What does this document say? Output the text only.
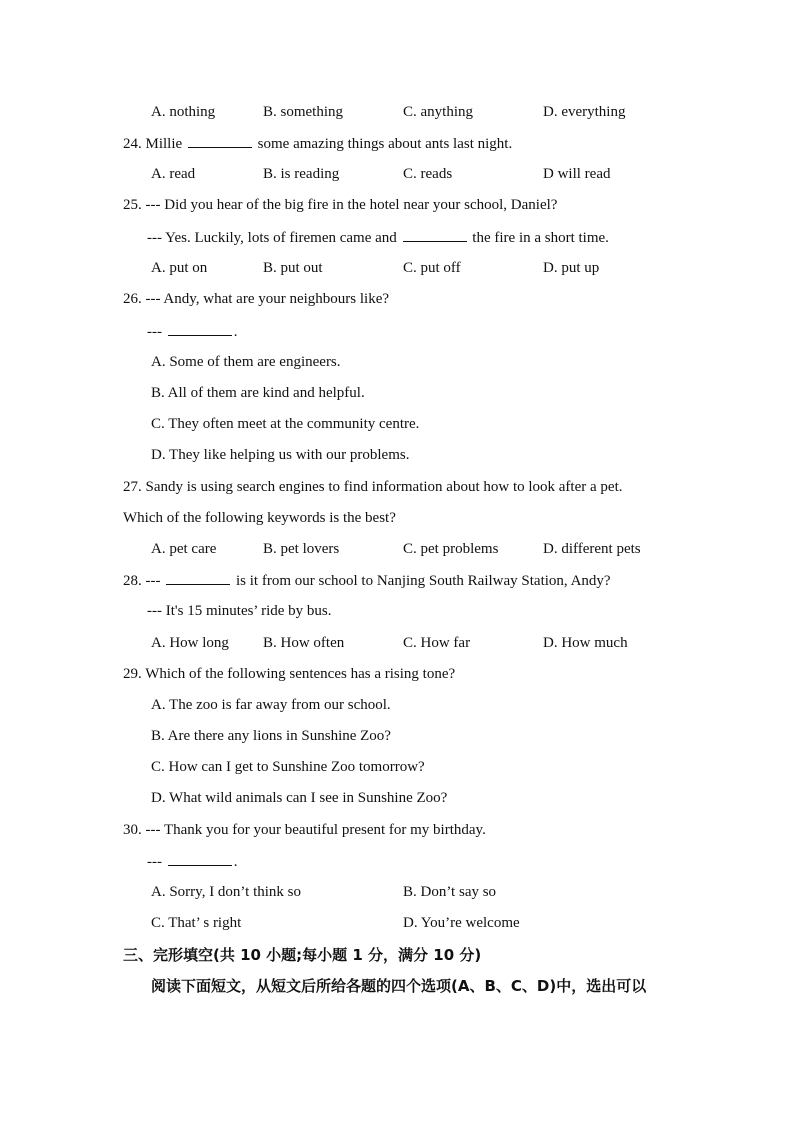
A. nothing	B. something	C. anything	D. everything
24. Millie	some amazing things about ants last night.
A. read	B. is reading	C. reads	D will read
25. --- Did you hear of the big fire in the hotel near your school, Daniel?
--- Yes. Luckily, lots of firemen came and	the fire in a short time.
A. put on	B. put out	C. put off	D. put up
26. --- Andy, what are your neighbours like?
---	.
A. Some of them are engineers.
B. All of them are kind and helpful.
C. They often meet at the community centre.
D. They like helping us with our problems.
27. Sandy is using search engines to find information about how to look after a pet.
Which of the following keywords is the best?
A. pet care	B. pet lovers	C. pet problems	D. different pets
28. ---	is it from our school to Nanjing South Railway Station, Andy?
--- It's 15 minutes’ ride by bus.
A. How long B. How often	C. How far	D. How much
29. Which of the following sentences has a rising tone?
A. The zoo is far away from our school.
B. Are there any lions in Sunshine Zoo?
C. How can I get to Sunshine Zoo tomorrow?
D. What wild animals can I see in Sunshine Zoo?
30. --- Thank you for your beautiful present for my birthday.
---	.
A. Sorry, I don’t think so	B. Don’t say so
C. That’ s right	D. You’re welcome
三、完形填空(共 10 小题;每小题 1 分，满分 10 分)
阅读下面短文，从短文后所给各题的四个选项(A、B、C、D)中，选出可以
